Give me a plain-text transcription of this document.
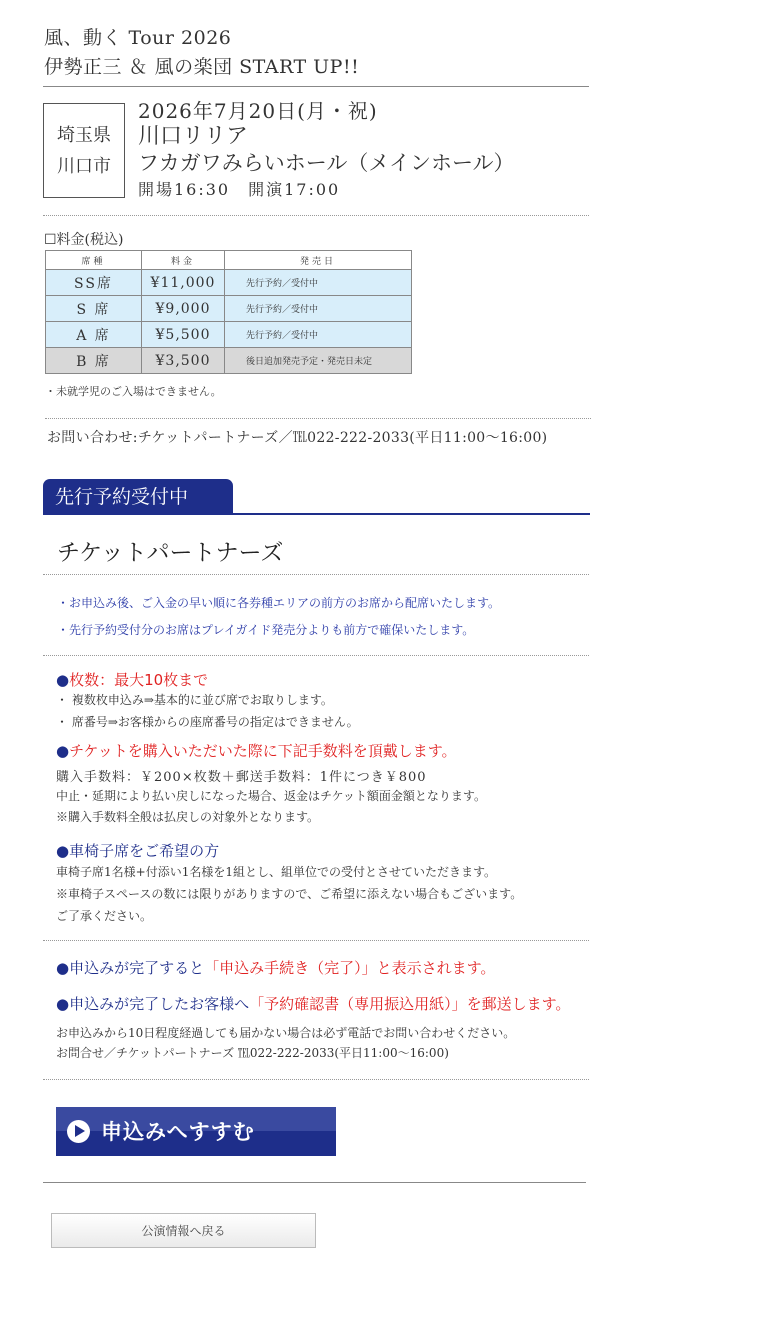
風、動く Tour 2026
伊勢正三 ＆ 風の楽団 START UP!!
埼玉県
川口市
2026年7月20日(月・祝)
川口リリア
フカガワみらいホール（メインホール）
開場16:30　開演17:00
☐料金(税込)
席種	料金	発売日
SS席	¥11,000	先行予約／受付中
S 席	¥9,000	先行予約／受付中
A 席	¥5,500	先行予約／受付中
B 席	¥3,500	後日追加発売予定・発売日未定
・未就学児のご入場はできません。
お問い合わせ:チケットパートナーズ／℡022-222-2033(平日11:00〜16:00)
先行予約受付中
チケットパートナーズ
・お申込み後、ご入金の早い順に各券種エリアの前方のお席から配席いたします。
・先行予約受付分のお席はプレイガイド発売分よりも前方で確保いたします。
●枚数：最大10枚まで
・ 複数枚申込み⇒基本的に並び席でお取りします。
・ 席番号⇒お客様からの座席番号の指定はできません。
●チケットを購入いただいた際に下記手数料を頂戴します。
購入手数料：￥200×枚数＋郵送手数料：1件につき￥800
中止・延期により払い戻しになった場合、返金はチケット額面金額となります。
※購入手数料全般は払戻しの対象外となります。
●車椅子席をご希望の方
車椅子席1名様+付添い1名様を1組とし、組単位での受付とさせていただきます。
※車椅子スペースの数には限りがありますので、ご希望に添えない場合もございます。
ご了承ください。
●申込みが完了すると「申込み手続き（完了）」と表示されます。
●申込みが完了したお客様へ「予約確認書（専用振込用紙）」を郵送します。
お申込みから10日程度経過しても届かない場合は必ず電話でお問い合わせください。
お問合せ／チケットパートナーズ ℡022-222-2033(平日11:00〜16:00)
申込みへすすむ
公演情報へ戻る
